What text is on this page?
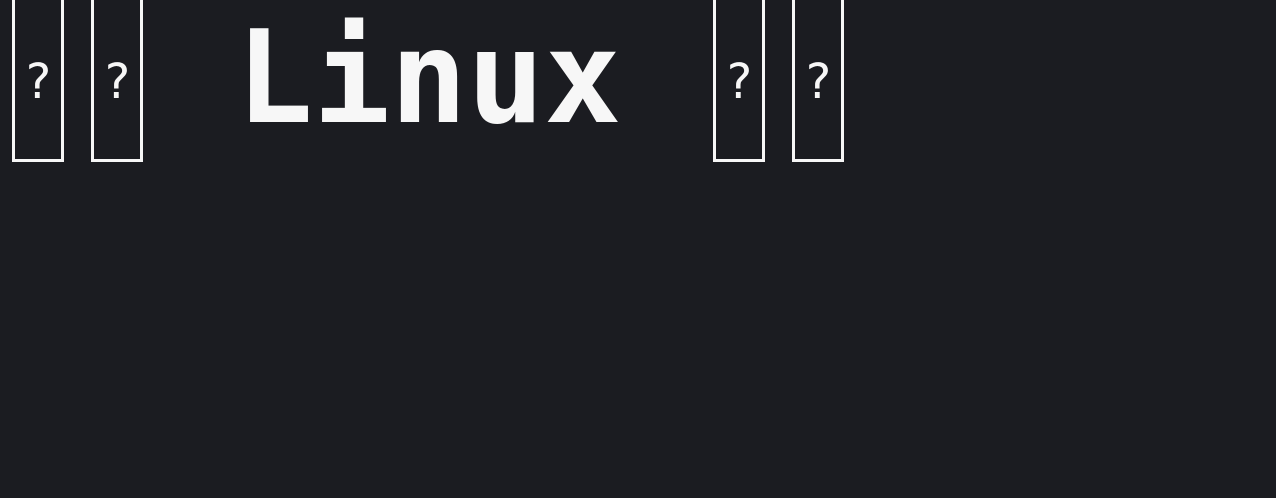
? ? Linux ? ?
